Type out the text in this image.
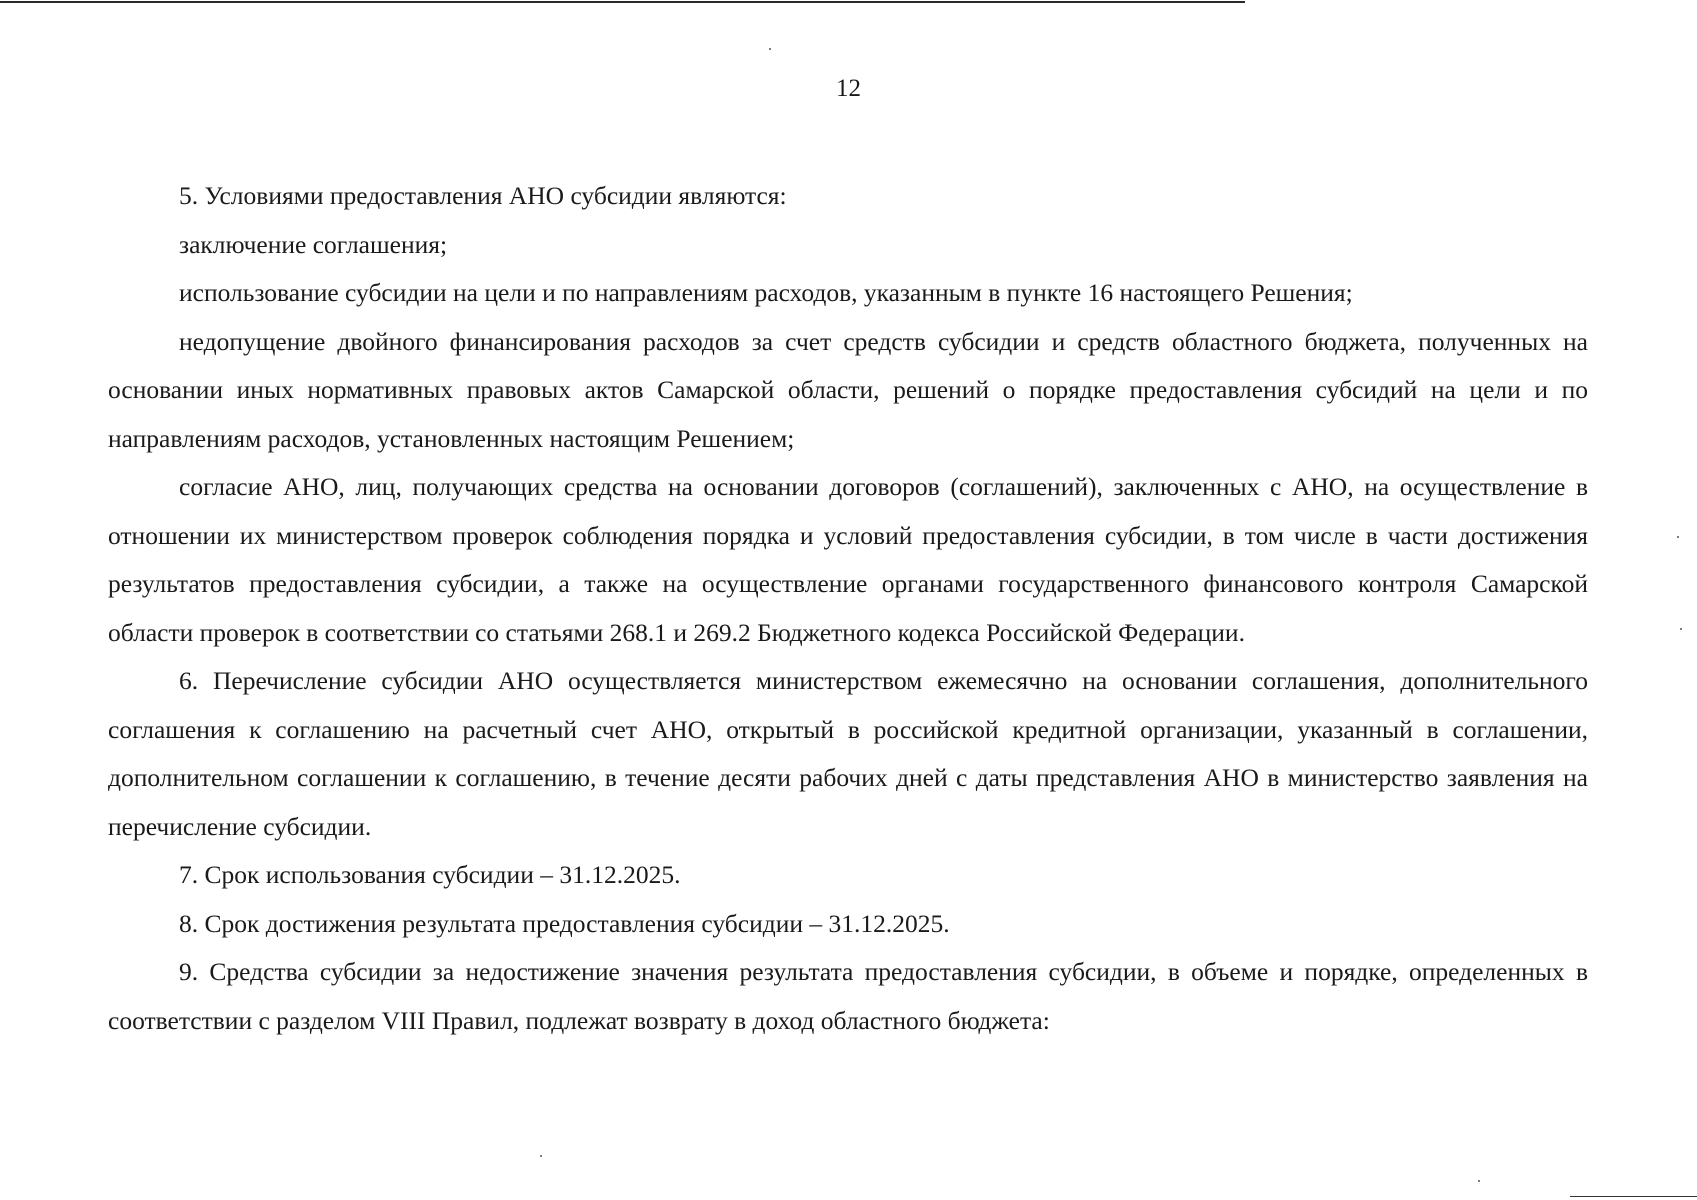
12

5. Условиями предоставления АНО субсидии являются:

заключение соглашения;

использование субсидии на цели и по направлениям расходов, указанным в пункте 16 настоящего Решения;

недопущение двойного финансирования расходов за счет средств субсидии и средств областного бюджета, полученных на основании иных нормативных правовых актов Самарской области, решений о порядке предоставления субсидий на цели и по направлениям расходов, установленных настоящим Решением;

согласие АНО, лиц, получающих средства на основании договоров (соглашений), заключенных с АНО, на осуществление в отношении их министерством проверок соблюдения порядка и условий предоставления субсидии, в том числе в части достижения результатов предоставления субсидии, а также на осуществление органами государственного финансового контроля Самарской области проверок в соответствии со статьями 268.1 и 269.2 Бюджетного кодекса Российской Федерации.

6. Перечисление субсидии АНО осуществляется министерством ежемесячно на основании соглашения, дополнительного соглашения к соглашению на расчетный счет АНО, открытый в российской кредитной организации, указанный в соглашении, дополнительном соглашении к соглашению, в течение десяти рабочих дней с даты представления АНО в министерство заявления на перечисление субсидии.

7. Срок использования субсидии – 31.12.2025.

8. Срок достижения результата предоставления субсидии – 31.12.2025.

9. Средства субсидии за недостижение значения результата предоставления субсидии, в объеме и порядке, определенных в соответствии с разделом VIII Правил, подлежат возврату в доход областного бюджета:
